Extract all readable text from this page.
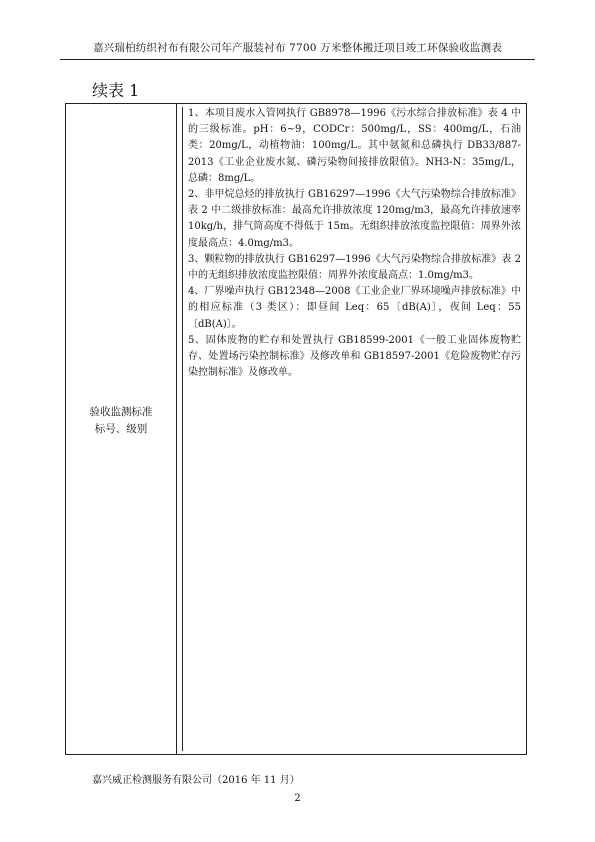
嘉兴瑞柏纺织衬布有限公司年产服装衬布 7700 万米整体搬迁项目竣工环保验收监测表
续表 1
验收监测标准
标号、级别

1、本项目废水入管网执行 GB8978—1996《污水综合排放标准》表 4 中的三级标准。pH：6~9，CODCr：500mg/L，SS：400mg/L，石油类：20mg/L，动植物油：100mg/L。其中氨氮和总磷执行 DB33/887-2013《工业企业废水氮、磷污染物间接排放限值》。NH3-N：35mg/L，总磷：8mg/L。

2、非甲烷总烃的排放执行 GB16297—1996《大气污染物综合排放标准》表 2 中二级排放标准：最高允许排放浓度 120mg/m3，最高允许排放速率 10kg/h，排气筒高度不得低于 15m。无组织排放浓度监控限值：周界外浓度最高点：4.0mg/m3。

3、颗粒物的排放执行 GB16297—1996《大气污染物综合排放标准》表 2 中的无组织排放浓度监控限值：周界外浓度最高点：1.0mg/m3。

4、厂界噪声执行 GB12348—2008《工业企业厂界环境噪声排放标准》中的相应标准（3 类区）：即昼间 Leq：65〔dB(A)〕，夜间 Leq：55〔dB(A)〕。

5、固体废物的贮存和处置执行 GB18599-2001《一般工业固体废物贮存、处置场污染控制标准》及修改单和 GB18597-2001《危险废物贮存污染控制标准》及修改单。

嘉兴威正检测服务有限公司（2016 年 11 月）
2
